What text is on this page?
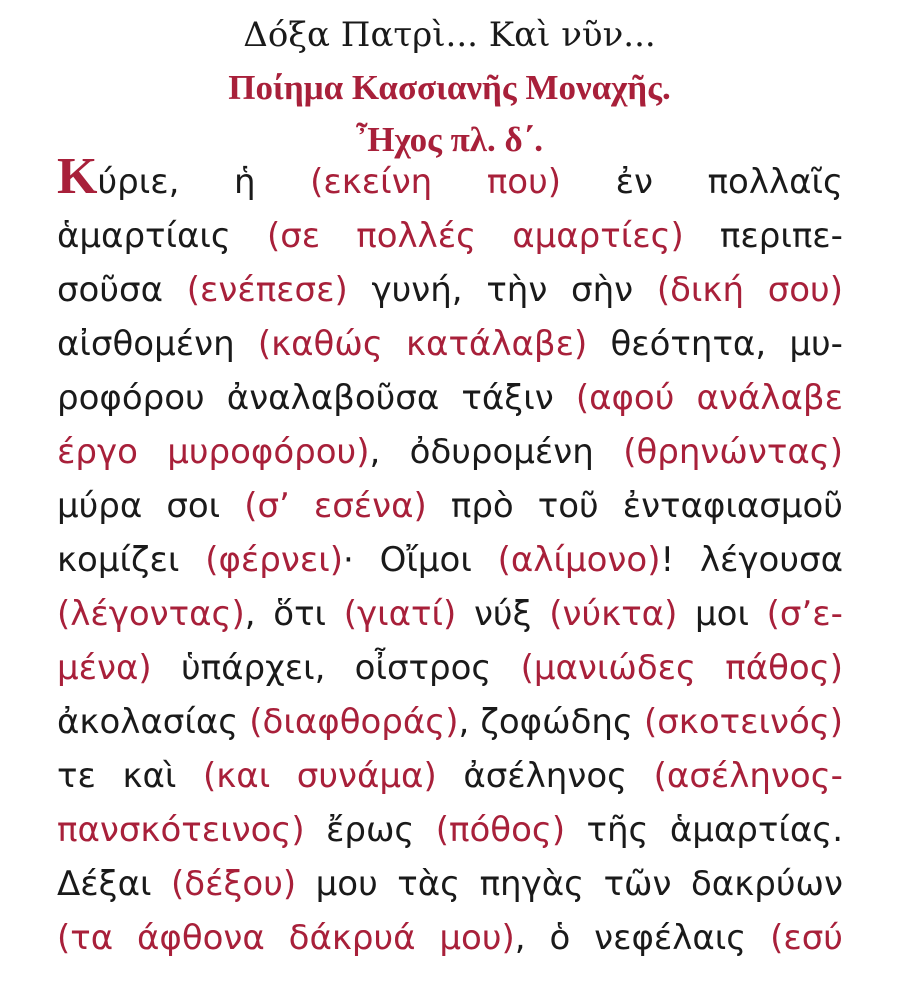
Δόξα Πατρὶ... Καὶ νῦν...
Ποίημα Κασσιανῆς Μοναχῆς.
Ἦχος πλ. δ΄.
Κύριε, ἡ (εκείνη που) ἐν πολλαῖς
ἁμαρτίαις (σε πολλές αμαρτίες) περιπε-
σοῦσα (ενέπεσε) γυνή, τὴν σὴν (δική σου)
αἰσθομένη (καθώς κατάλαβε) θεότητα, μυ-
ροφόρου ἀναλαβοῦσα τάξιν (αφού ανάλαβε
έργο μυροφόρου), ὀδυρομένη (θρηνώντας)
μύρα σοι (σ’ εσένα) πρὸ τοῦ ἐνταφιασμοῦ
κομίζει (φέρνει)· Οἴμοι (αλίμονο)! λέγουσα
(λέγοντας), ὅτι (γιατί) νύξ (νύκτα) μοι (σ’ε-
μένα) ὑπάρχει, οἶστρος (μανιώδες πάθος)
ἀκολασίας (διαφθοράς), ζοφώδης (σκοτεινός)
τε καὶ (και συνάμα) ἀσέληνος (ασέληνος-
πανσκότεινος) ἔρως (πόθος) τῆς ἁμαρτίας.
Δέξαι (δέξου) μου τὰς πηγὰς τῶν δακρύων
(τα άφθονα δάκρυά μου), ὁ νεφέλαις (εσύ
